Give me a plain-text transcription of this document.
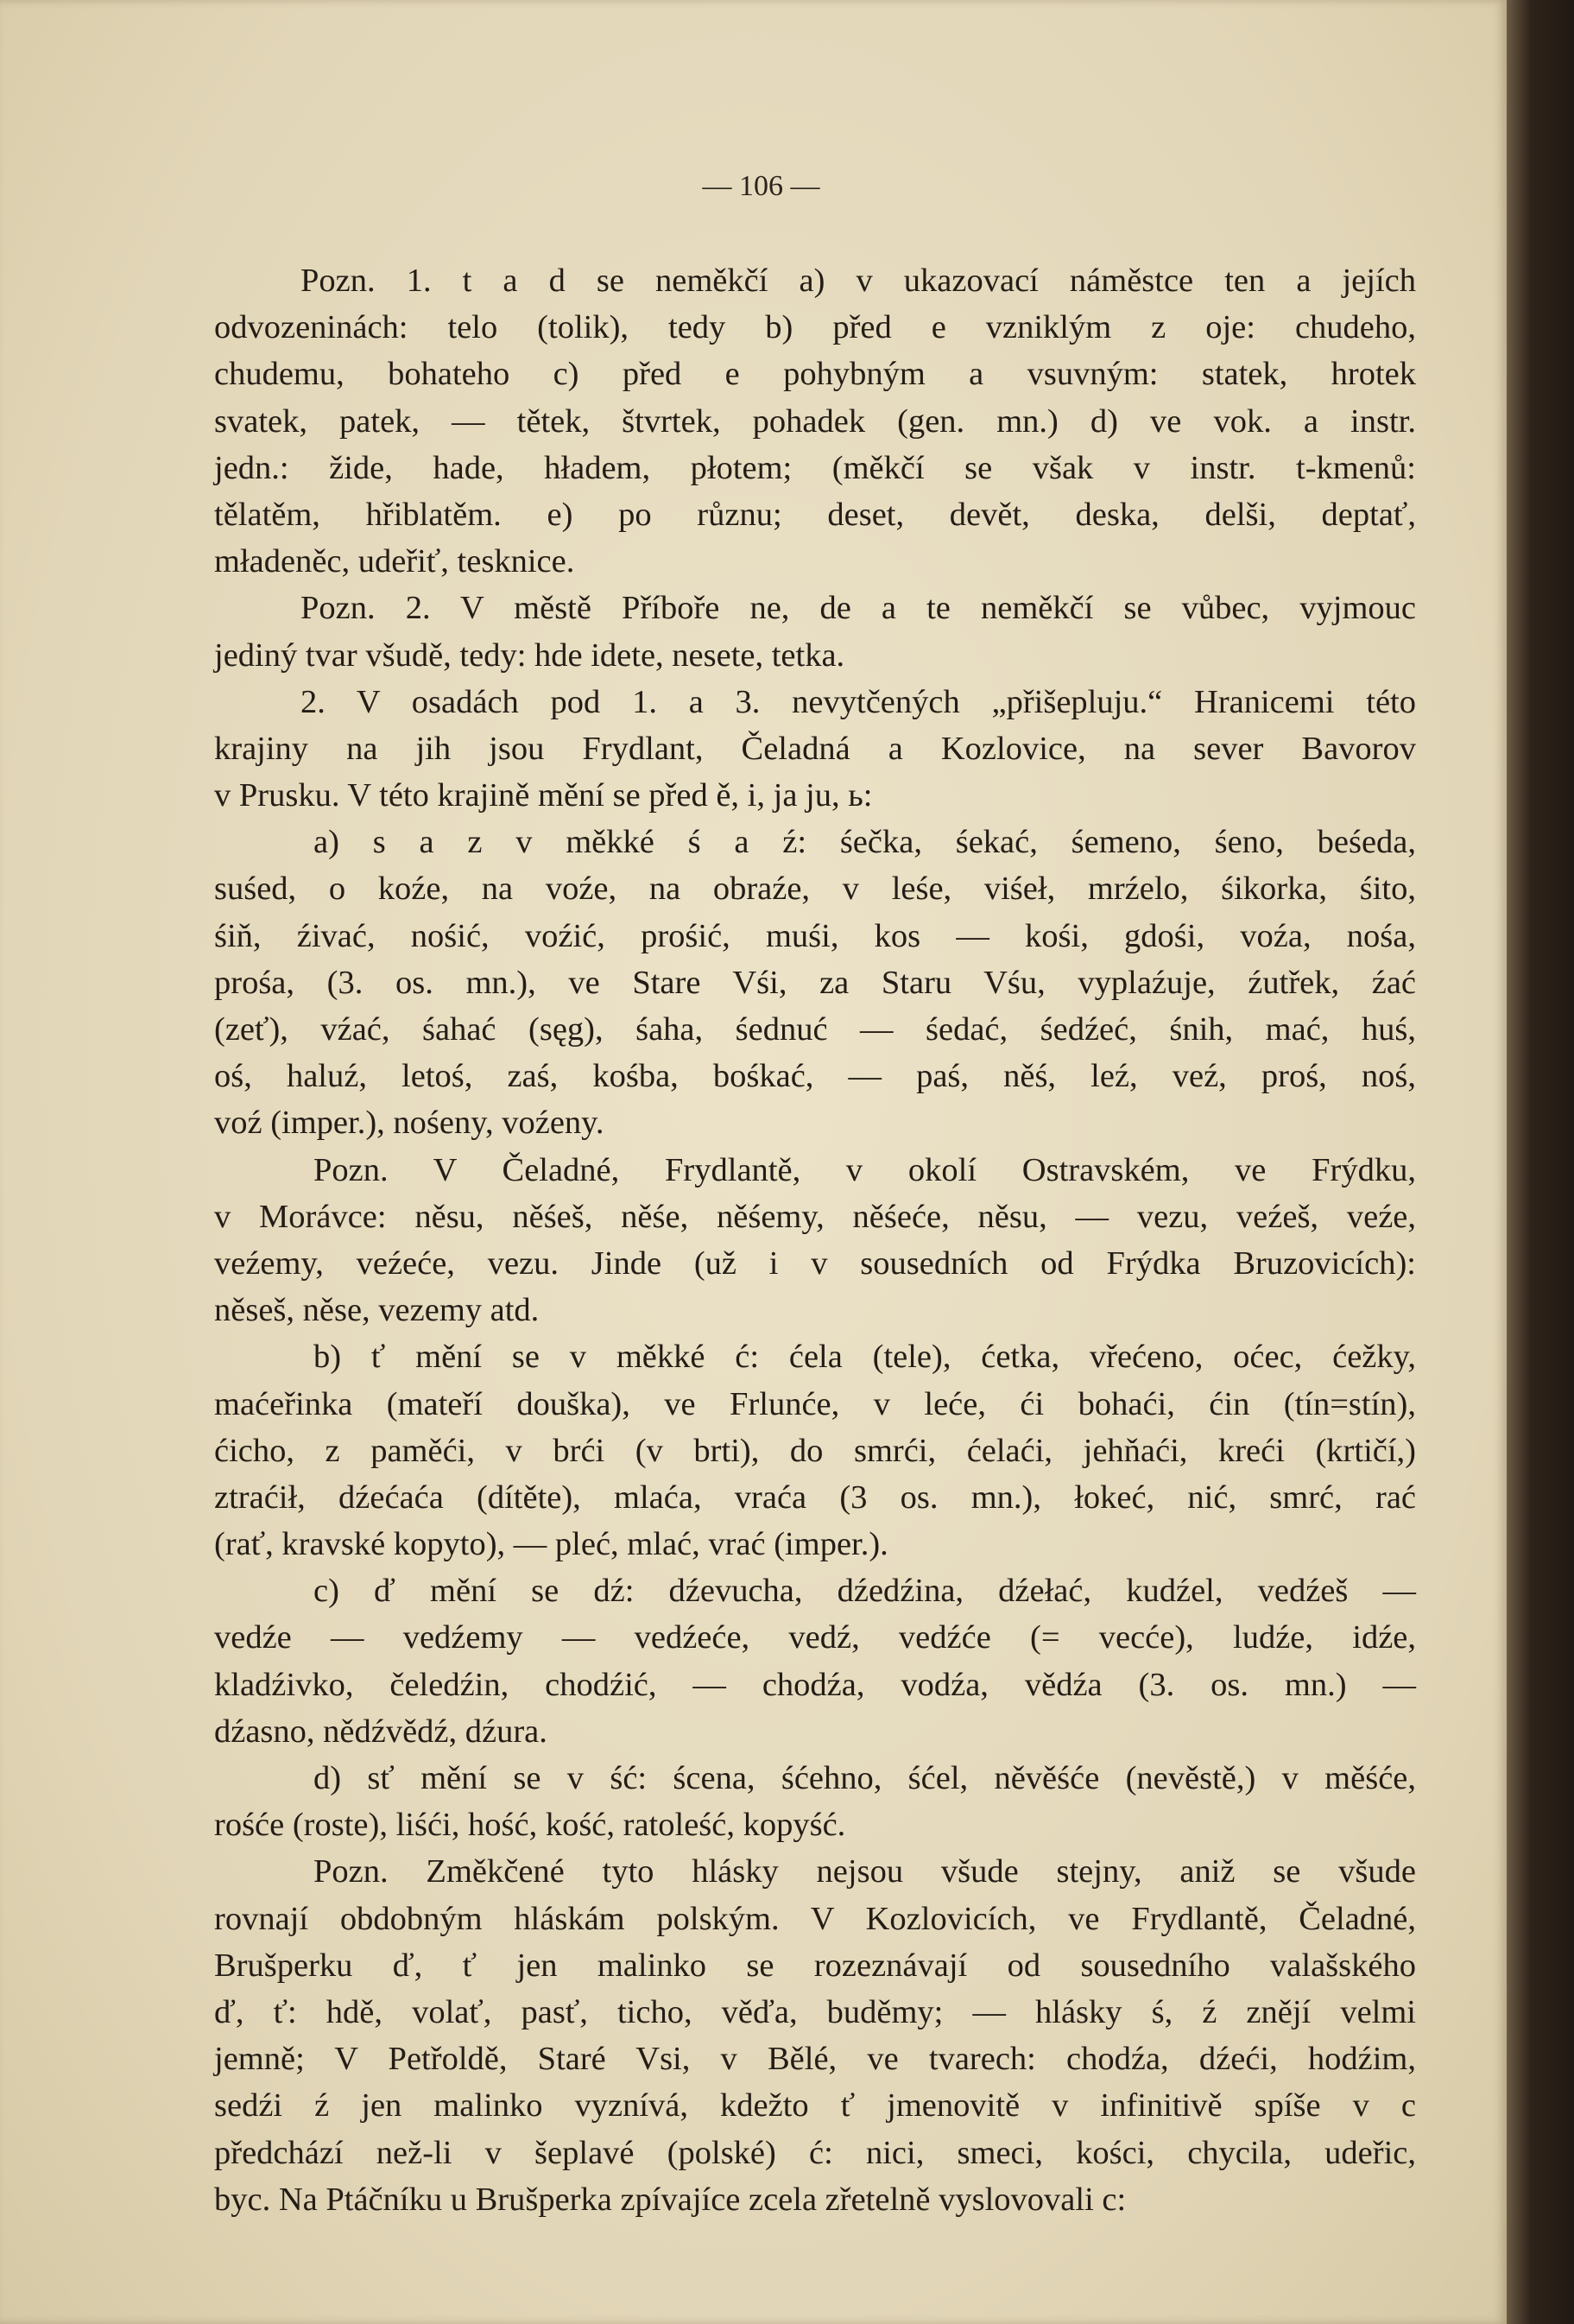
— 106 —
Pozn. 1. t a d se neměkčí a) v ukazovací náměstce ten a jejích
odvozeninách: telo (tolik), tedy b) před e vzniklým z oje: chudeho,
chudemu, bohateho c) před e pohybným a vsuvným: statek, hrotek
svatek, patek, — tětek, štvrtek, pohadek (gen. mn.) d) ve vok. a instr.
jedn.: žide, hade, hładem, płotem; (měkčí se však v instr. t-kmenů:
tělatěm, hřiblatěm. e) po různu; deset, devět, deska, delši, deptať,
mładeněc, udeřiť, tesknice.
Pozn. 2. V městě Příboře ne, de a te neměkčí se vůbec, vyjmouc
jediný tvar všudě, tedy: hde idete, nesete, tetka.
2. V osadách pod 1. a 3. nevytčených „přišepluju.“ Hranicemi této
krajiny na jih jsou Frydlant, Čeladná a Kozlovice, na sever Bavorov
v Prusku. V této krajině mění se před ě, i, ja ju, ь:
a) s a z v měkké ś a ź: śečka, śekać, śemeno, śeno, beśeda,
suśed, o koźe, na voźe, na obraźe, v leśe, viśeł, mrźelo, śikorka, śito,
śiň, źivać, nośić, voźić, prośić, muśi, kos — kośi, gdośi, voźa, nośa,
prośa, (3. os. mn.), ve Stare Vśi, za Staru Vśu, vyplaźuje, źutřek, źać
(zeť), vźać, śahać (sęg), śaha, śednuć — śedać, śedźeć, śnih, mać, huś,
oś, haluź, letoś, zaś, kośba, bośkać, — paś, něś, leź, veź, proś, noś,
voź (imper.), nośeny, voźeny.
Pozn. V Čeladné, Frydlantě, v okolí Ostravském, ve Frýdku,
v Morávce: něsu, něśeš, něśe, něśemy, něśeće, něsu, — vezu, veźeš, veźe,
veźemy, veźeće, vezu. Jinde (už i v sousedních od Frýdka Bruzovicích):
něseš, něse, vezemy atd.
b) ť mění se v měkké ć: ćela (tele), ćetka, vřećeno, oćec, ćežky,
maćeřinka (mateří douška), ve Frlunće, v leće, ći bohaći, ćin (tín=stín),
ćicho, z paměći, v brći (v brti), do smrći, ćelaći, jehňaći, kreći (krtičí,)
ztraćił, dźećaća (dítěte), mlaća, vraća (3 os. mn.), łokeć, nić, smrć, rać
(rať, kravské kopyto), — pleć, mlać, vrać (imper.).
c) ď mění se dź: dźevucha, dźedźina, dźełać, kudźel, vedźeš —
vedźe — vedźemy — vedźeće, vedź, vedźće (= vecće), ludźe, idźe,
kladźivko, čeledźin, chodźić, — chodźa, vodźa, vědźa (3. os. mn.) —
dźasno, nědźvědź, dźura.
d) sť mění se v ść: ścena, śćehno, śćel, něvěśće (nevěstě,) v měśće,
rośće (roste), liśći, hość, kość, ratoleść, kopyść.
Pozn. Změkčené tyto hlásky nejsou všude stejny, aniž se všude
rovnají obdobným hláskám polským. V Kozlovicích, ve Frydlantě, Čeladné,
Brušperku ď, ť jen malinko se rozeznávají od sousedního valašského
ď, ť: hdě, volať, pasť, ticho, věďa, buděmy; — hlásky ś, ź znějí velmi
jemně; V Petřoldě, Staré Vsi, v Bělé, ve tvarech: chodźa, dźeći, hodźim,
sedźi ź jen malinko vyznívá, kdežto ť jmenovitě v infinitivě spíše v c
předchází než-li v šeplavé (polské) ć: nici, smeci, kości, chycila, udeřic,
byc. Na Ptáčníku u Brušperka zpívajíce zcela zřetelně vyslovovali c:
